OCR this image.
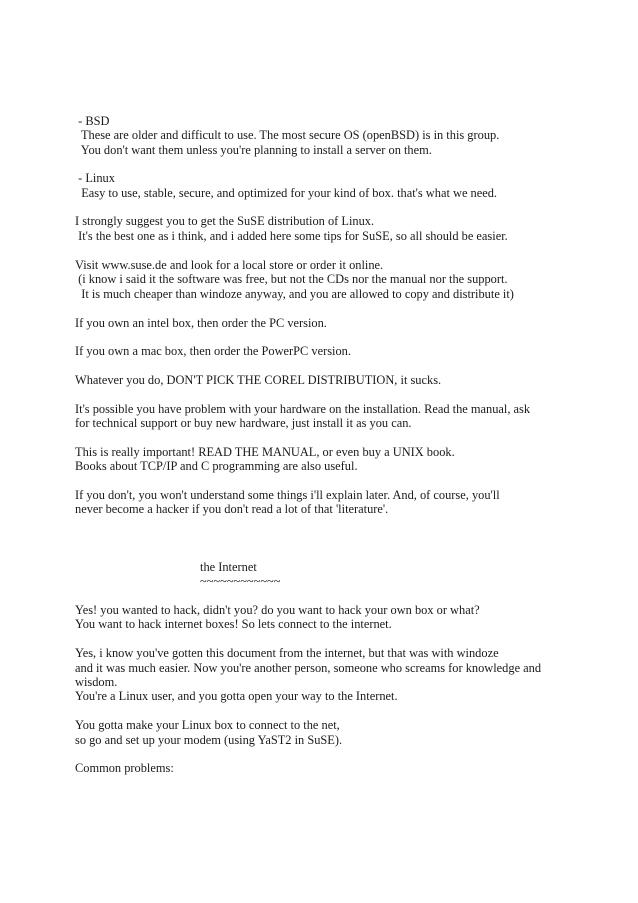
- BSD

These are older and difficult to use. The most secure OS (openBSD) is in this group.

You don't want them unless you're planning to install a server on them.

- Linux

Easy to use, stable, secure, and optimized for your kind of box. that's what we need.

I strongly suggest you to get the SuSE distribution of Linux.

It's the best one as i think, and i added here some tips for SuSE, so all should be easier.

Visit www.suse.de and look for a local store or order it online.

(i know i said it the software was free, but not the CDs nor the manual nor the support.

It is much cheaper than windoze anyway, and you are allowed to copy and distribute it)

If you own an intel box, then order the PC version.

If you own a mac box, then order the PowerPC version.

Whatever you do, DON'T PICK THE COREL DISTRIBUTION, it sucks.

It's possible you have problem with your hardware on the installation. Read the manual, ask

for technical support or buy new hardware, just install it as you can.

This is really important! READ THE MANUAL, or even buy a UNIX book.

Books about TCP/IP and C programming are also useful.

If you don't, you won't understand some things i'll explain later. And, of course, you'll

never become a hacker if you don't read a lot of that 'literature'.

the Internet

~~~~~~~~~~~~

Yes! you wanted to hack, didn't you? do you want to hack your own box or what?

You want to hack internet boxes! So lets connect to the internet.

Yes, i know you've gotten this document from the internet, but that was with windoze

and it was much easier. Now you're another person, someone who screams for knowledge and

wisdom.

You're a Linux user, and you gotta open your way to the Internet.

You gotta make your Linux box to connect to the net,

so go and set up your modem (using YaST2 in SuSE).

Common problems:
